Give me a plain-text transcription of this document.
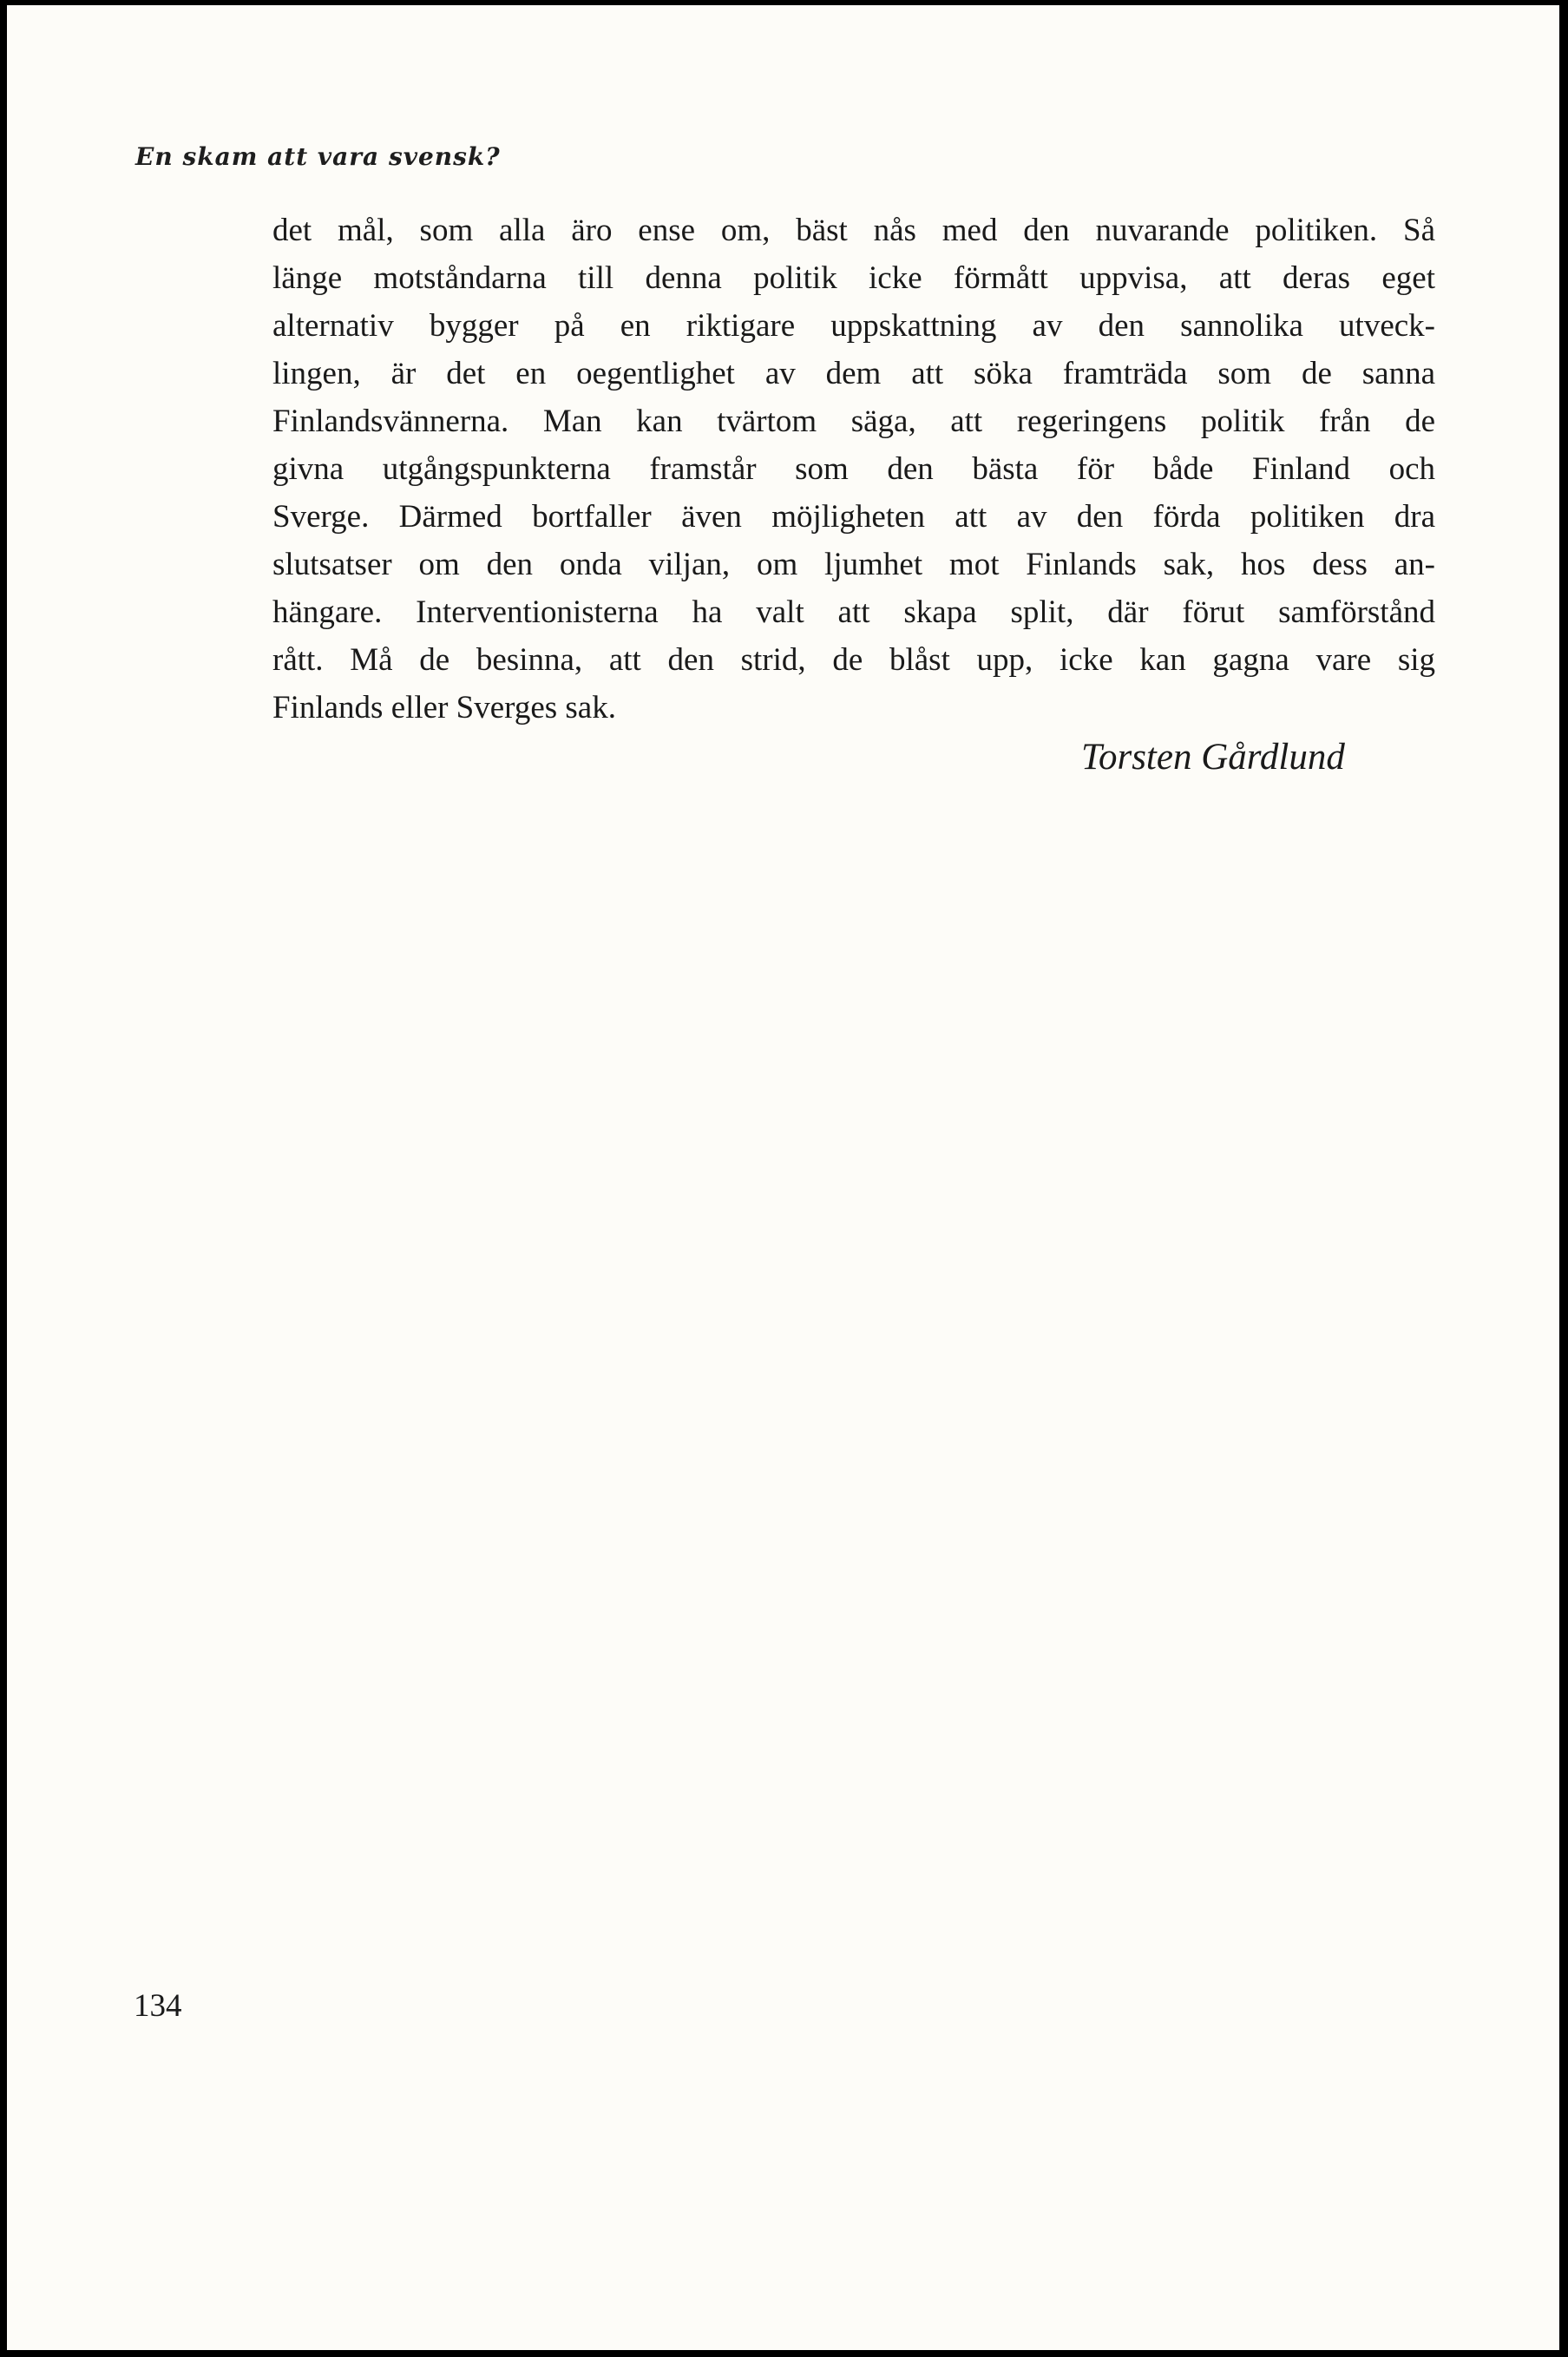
En skam att vara svensk?
det mål, som alla äro ense om, bäst nås med den nuvarande politiken. Så
länge motståndarna till denna politik icke förmått uppvisa, att deras eget
alternativ bygger på en riktigare uppskattning av den sannolika utveck-
lingen, är det en oegentlighet av dem att söka framträda som de sanna
Finlandsvännerna. Man kan tvärtom säga, att regeringens politik från de
givna utgångspunkterna framstår som den bästa för både Finland och
Sverge. Därmed bortfaller även möjligheten att av den förda politiken dra
slutsatser om den onda viljan, om ljumhet mot Finlands sak, hos dess an-
hängare. Interventionisterna ha valt att skapa split, där förut samförstånd
rått. Må de besinna, att den strid, de blåst upp, icke kan gagna vare sig
Finlands eller Sverges sak.
Torsten Gårdlund
134
